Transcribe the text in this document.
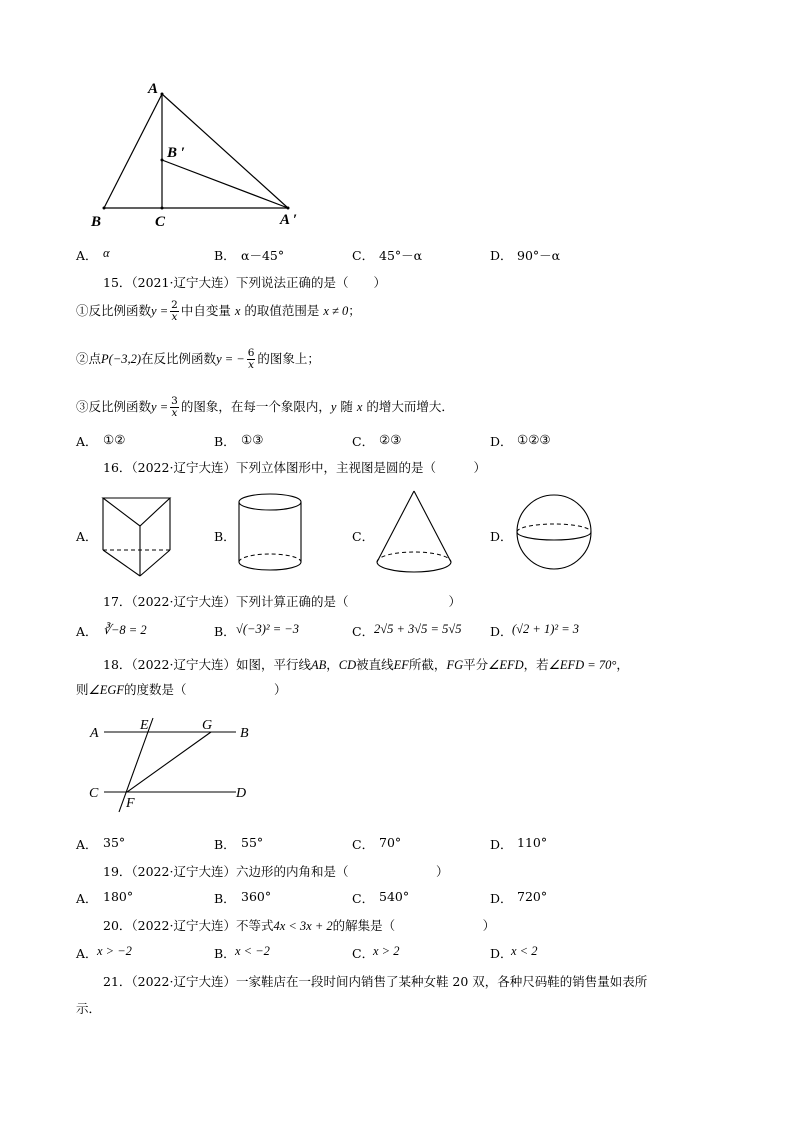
A
B ′
B	C	A ′
A． α	B． α－45°	C． 45°－α	D． 90°－α
15．（2021·辽宁大连）下列说法正确的是（　　）
①反比例函数$y = \frac{2}{x}$ 中自变量 x 的取值范围是 x ≠ 0；
②点P(−3,2)在反比例函数y = − $\frac{6}{x}$ 的图象上；
③反比例函数$y = \frac{3}{x}$ 的图象，在每一个象限内，y 随 x 的增大而增大．
A． ①②	B． ①③	C． ②③	D． ①②③
16．（2022·辽宁大连）下列立体图形中，主视图是圆的是（　　　）
A．	B．	C．	D．
17．（2022·辽宁大连）下列计算正确的是（　　　　　　　　）
A． ∛−8 = 2	B． √(−3)² = −3	C． 2√5 + 3√5 = 5√5 D． (√2 + 1)² = 3
18．（2022·辽宁大连）如图，平行线AB，CD被直线EF所截，FG平分∠EFD，若∠EFD = 70°，
则∠EGF的度数是（　　　　　　　）
A
E	G
B
C
F
D
A． 35°	B． 55°	C． 70°	D． 110°
19．（2022·辽宁大连）六边形的内角和是（　　　　　　　）
A． 180°	B． 360°	C． 540°	D． 720°
20．（2022·辽宁大连）不等式4x < 3x + 2的解集是（　　　　　　　）
A． x > −2	B． x < −2	C．
x > 2	D．
x < 2
21．（2022·辽宁大连）一家鞋店在一段时间内销售了某种女鞋 20 双，各种尺码鞋的销售量如表所
示．
